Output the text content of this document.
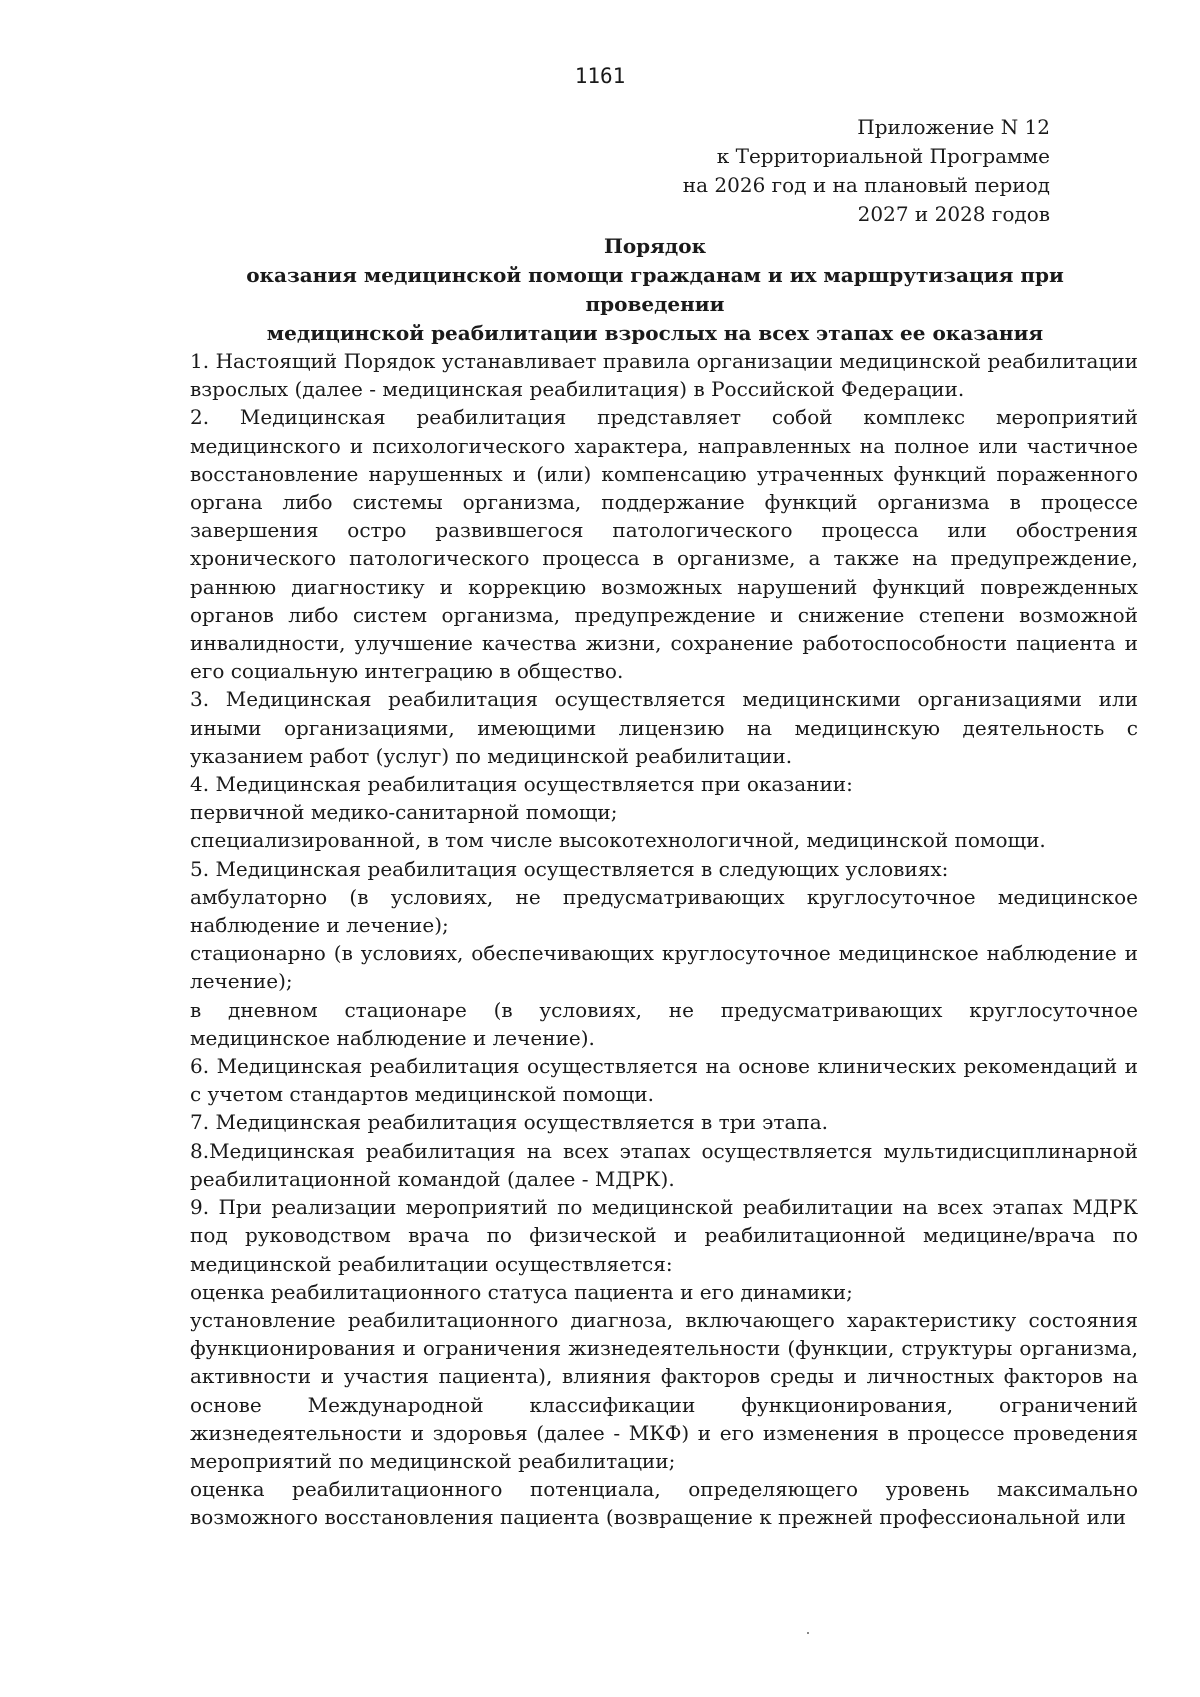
1161
Приложение N 12
к Территориальной Программе
на 2026 год и на плановый период
2027 и 2028 годов
Порядок
оказания медицинской помощи гражданам и их маршрутизация при проведении
медицинской реабилитации взрослых на всех этапах ее оказания

1. Настоящий Порядок устанавливает правила организации медицинской реабилитации взрослых (далее - медицинская реабилитация) в Российской Федерации.

2. Медицинская реабилитация представляет собой комплекс мероприятий медицинского и психологического характера, направленных на полное или частичное восстановление нарушенных и (или) компенсацию утраченных функций пораженного органа либо системы организма, поддержание функций организма в процессе завершения остро развившегося патологического процесса или обострения хронического патологического процесса в организме, а также на предупреждение, раннюю диагностику и коррекцию возможных нарушений функций поврежденных органов либо систем организма, предупреждение и снижение степени возможной инвалидности, улучшение качества жизни, сохранение работоспособности пациента и его социальную интеграцию в общество.

3. Медицинская реабилитация осуществляется медицинскими организациями или иными организациями, имеющими лицензию на медицинскую деятельность с указанием работ (услуг) по медицинской реабилитации.

4. Медицинская реабилитация осуществляется при оказании:

первичной медико-санитарной помощи;

специализированной, в том числе высокотехнологичной, медицинской помощи.

5. Медицинская реабилитация осуществляется в следующих условиях:

амбулаторно (в условиях, не предусматривающих круглосуточное медицинское наблюдение и лечение);

стационарно (в условиях, обеспечивающих круглосуточное медицинское наблюдение и лечение);

в дневном стационаре (в условиях, не предусматривающих круглосуточное медицинское наблюдение и лечение).

6. Медицинская реабилитация осуществляется на основе клинических рекомендаций и с учетом стандартов медицинской помощи.

7. Медицинская реабилитация осуществляется в три этапа.

8.Медицинская реабилитация на всех этапах осуществляется мультидисциплинарной реабилитационной командой (далее - МДРК).

9. При реализации мероприятий по медицинской реабилитации на всех этапах МДРК под руководством врача по физической и реабилитационной медицине/врача по медицинской реабилитации осуществляется:

оценка реабилитационного статуса пациента и его динамики;

установление реабилитационного диагноза, включающего характеристику состояния функционирования и ограничения жизнедеятельности (функции, структуры организма, активности и участия пациента), влияния факторов среды и личностных факторов на основе Международной классификации функционирования, ограничений жизнедеятельности и здоровья (далее - МКФ) и его изменения в процессе проведения мероприятий по медицинской реабилитации;

оценка реабилитационного потенциала, определяющего уровень максимально возможного восстановления пациента (возвращение к прежней профессиональной или
